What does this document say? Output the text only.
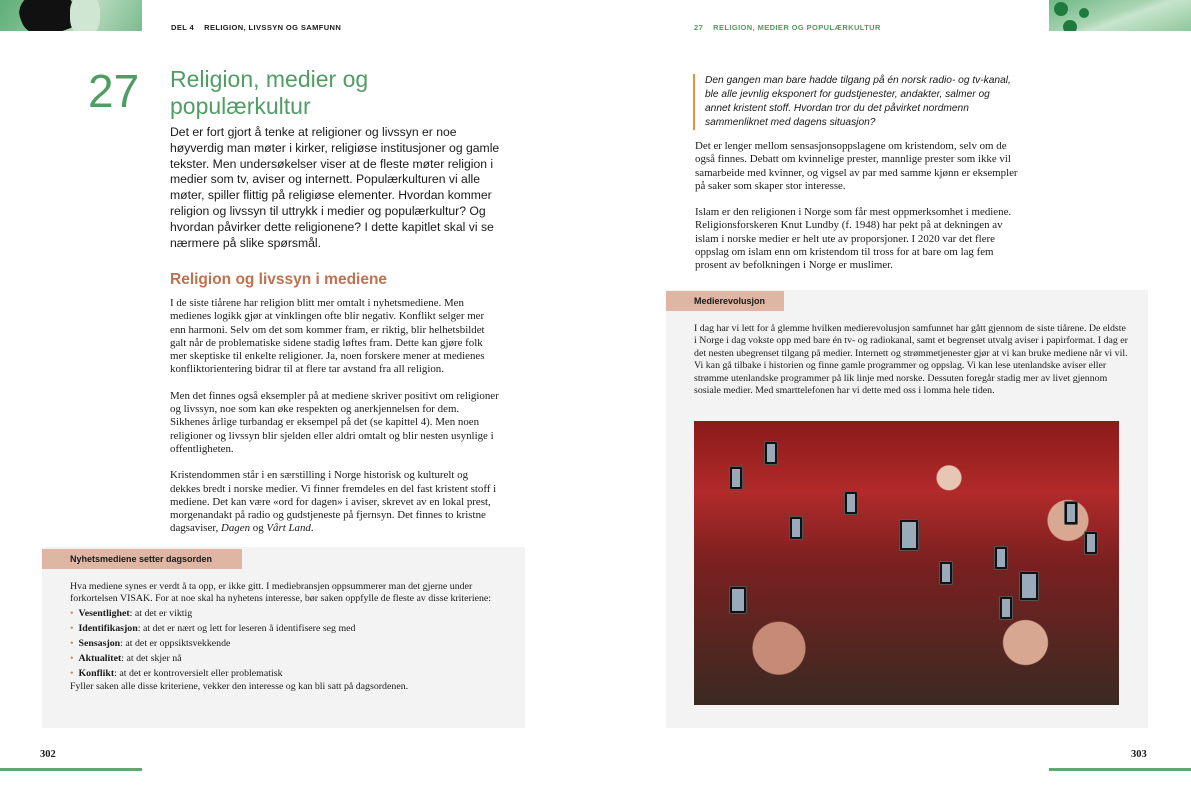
DEL 4 RELIGION, LIVSSYN OG SAMFUNN
27 Religion, medier og populærkultur
Det er fort gjort å tenke at religioner og livssyn er noe høyverdig man møter i kirker, religiøse institusjoner og gamle tekster. Men undersøkelser viser at de fleste møter religion i medier som tv, aviser og internett. Populærkulturen vi alle møter, spiller flittig på religiøse elementer. Hvordan kommer religion og livssyn til uttrykk i medier og populærkultur? Og hvordan påvirker dette religionene? I dette kapitlet skal vi se nærmere på slike spørsmål.
Religion og livssyn i mediene

I de siste tiårene har religion blitt mer omtalt i nyhetsmediene. Men medienes logikk gjør at vinklingen ofte blir negativ. Konflikt selger mer enn harmoni. Selv om det som kommer fram, er riktig, blir helhetsbildet galt når de problematiske sidene stadig løftes fram. Dette kan gjøre folk mer skeptiske til enkelte religioner. Ja, noen forskere mener at medienes konfliktorientering bidrar til at flere tar avstand fra all religion.

Men det finnes også eksempler på at mediene skriver positivt om religioner og livssyn, noe som kan øke respekten og anerkjennelsen for dem. Sikhenes årlige turbandag er eksempel på det (se kapittel 4). Men noen religioner og livssyn blir sjelden eller aldri omtalt og blir nesten usynlige i offentligheten.

Kristendommen står i en særstilling i Norge historisk og kulturelt og dekkes bredt i norske medier. Vi finner fremdeles en del fast kristent stoff i mediene. Det kan være «ord for dagen» i aviser, skrevet av en lokal prest, morgenandakt på radio og gudstjeneste på fjernsyn. Det finnes to kristne dagsaviser, Dagen og Vårt Land.

Nyhetsmediene setter dagsorden
Hva mediene synes er verdt å ta opp, er ikke gitt. I mediebransjen oppsummerer man det gjerne under forkortelsen VISAK. For at noe skal ha nyhetens interesse, bør saken oppfylle de fleste av disse kriteriene:
• Vesentlighet: at det er viktig
• Identifikasjon: at det er nært og lett for leseren å identifisere seg med
• Sensasjon: at det er oppsiktsvekkende
• Aktualitet: at det skjer nå
• Konflikt: at det er kontroversielt eller problematisk
Fyller saken alle disse kriteriene, vekker den interesse og kan bli satt på dagsordenen.
302
27 RELIGION, MEDIER OG POPULÆRKULTUR
Den gangen man bare hadde tilgang på én norsk radio- og tv-kanal, ble alle jevnlig eksponert for gudstjenester, andakter, salmer og annet kristent stoff. Hvordan tror du det påvirket nordmenn sammenliknet med dagens situasjon?

Det er lenger mellom sensasjonsoppslagene om kristendom, selv om de også finnes. Debatt om kvinnelige prester, mannlige prester som ikke vil samarbeide med kvinner, og vigsel av par med samme kjønn er eksempler på saker som skaper stor interesse.

Islam er den religionen i Norge som får mest oppmerksomhet i mediene. Religionsforskeren Knut Lundby (f. 1948) har pekt på at dekningen av islam i norske medier er helt ute av proporsjoner. I 2020 var det flere oppslag om islam enn om kristendom til tross for at bare om lag fem prosent av befolkningen i Norge er muslimer.

Medierevolusjon
I dag har vi lett for å glemme hvilken medierevolusjon samfunnet har gått gjennom de siste tiårene. De eldste i Norge i dag vokste opp med bare én tv- og radiokanal, samt et begrenset utvalg aviser i papirformat. I dag er det nesten ubegrenset tilgang på medier. Internett og strømmetjenester gjør at vi kan bruke mediene når vi vil. Vi kan gå tilbake i historien og finne gamle programmer og oppslag. Vi kan lese utenlandske aviser eller strømme utenlandske programmer på lik linje med norske. Dessuten foregår stadig mer av livet gjennom sosiale medier. Med smarttelefonen har vi dette med oss i lomma hele tiden.
303
